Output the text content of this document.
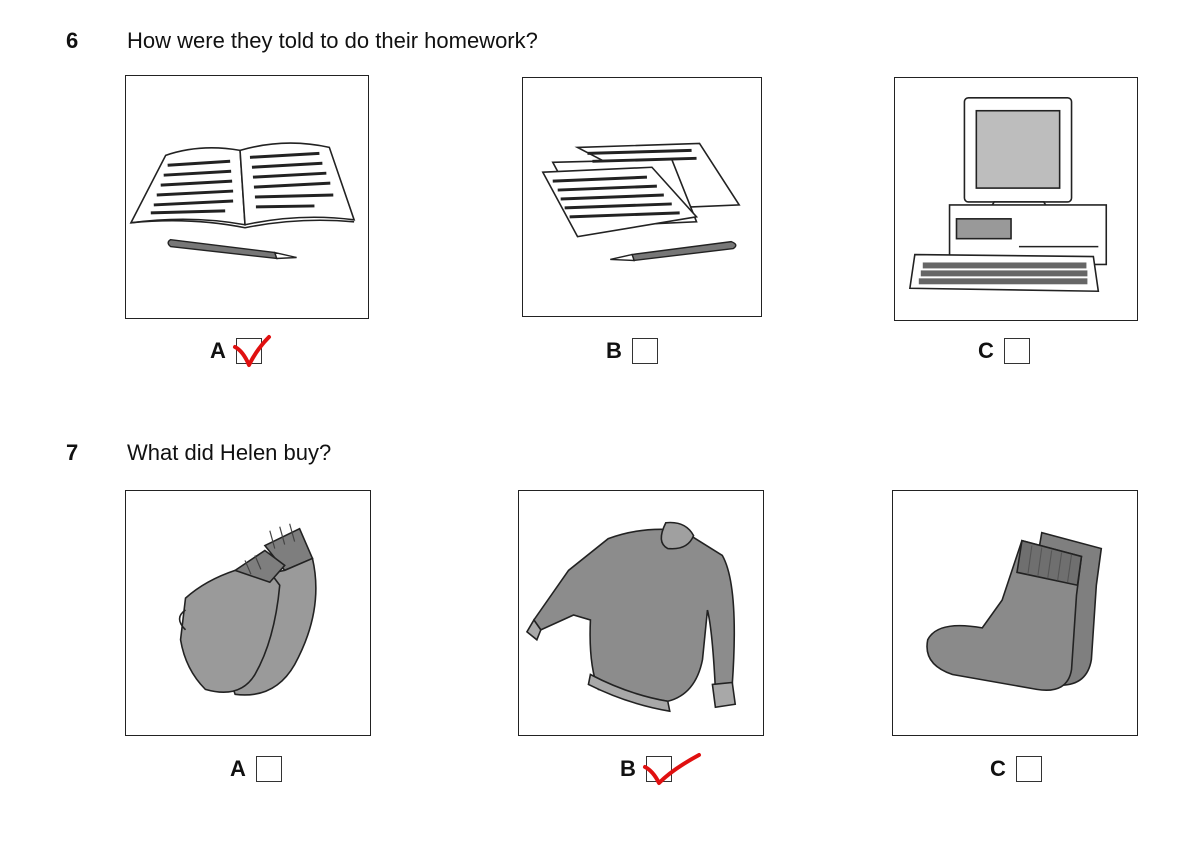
6 How were they told to do their homework?
A	B	C
7 What did Helen buy?
A	B	C
